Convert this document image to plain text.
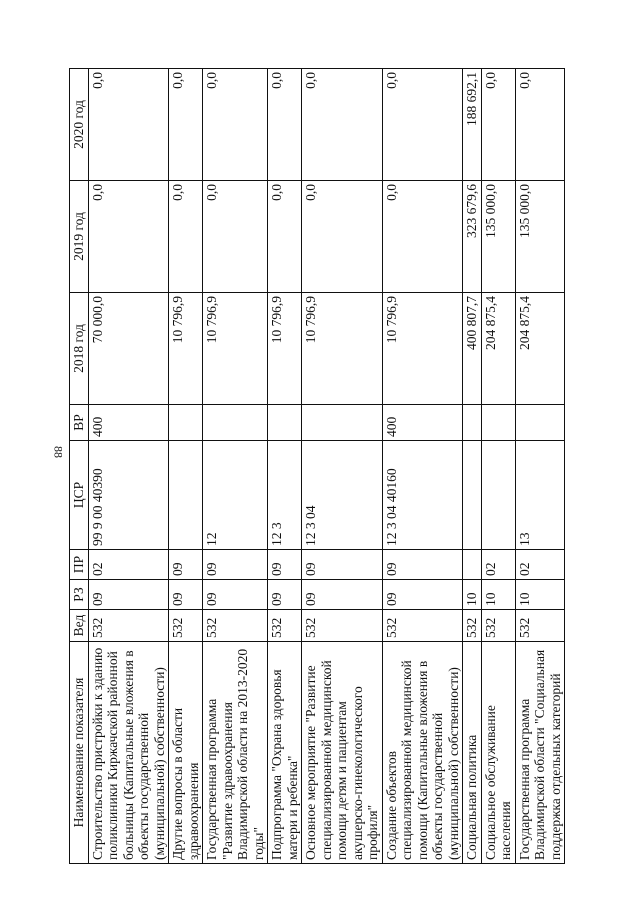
88
Наименование показателя	Вед	РЗ	ПР	ЦСР	ВР	2018 год	2019 год	2020 год
Строительство пристройки к зданию поликлиники Киржачской районной больницы (Капитальные вложения в объекты государственной (муниципальной) собственности)	532	09	02	99 9 00 40390	400	70 000,0	0,0	0,0
Другие вопросы в области здравоохранения	532	09	09			10 796,9	0,0	0,0
Государственная программа "Развитие здравоохранения Владимирской области на 2013-2020 годы"	532	09	09	12		10 796,9	0,0	0,0
Подпрограмма "Охрана здоровья матери и ребенка"	532	09	09	12 3		10 796,9	0,0	0,0
Основное мероприятие "Развитие специализированной медицинской помощи детям и пациентам акушерско-гинекологического профиля"	532	09	09	12 3 04		10 796,9	0,0	0,0
Создание объектов специализированной медицинской помощи (Капитальные вложения в объекты государственной (муниципальной) собственности)	532	09	09	12 3 04 40160	400	10 796,9	0,0	0,0
Социальная политика	532	10				400 807,7	323 679,6	188 692,1
Социальное обслуживание населения	532	10	02			204 875,4	135 000,0	0,0
Государственная программа Владимирской области "Социальная поддержка отдельных категорий	532	10	02	13		204 875,4	135 000,0	0,0
